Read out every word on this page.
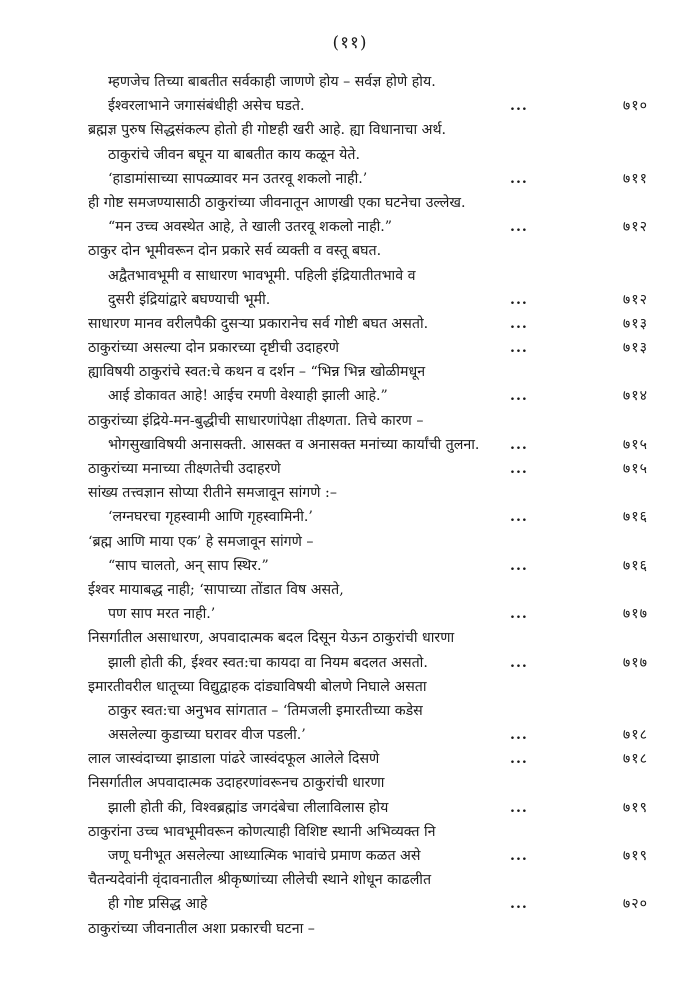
(११)
म्हणजेच तिच्या बाबतीत सर्वकाही जाणणे होय – सर्वज्ञ होणे होय.
ईश्वरलाभाने जगासंबंधीही असेच घडते.	...	७१०
ब्रह्मज्ञ पुरुष सिद्धसंकल्प होतो ही गोष्टही खरी आहे. ह्या विधानाचा अर्थ.
ठाकुरांचे जीवन बघून या बाबतीत काय कळून येते.
‘हाडामांसाच्या सापळ्यावर मन उतरवू शकलो नाही.’	...	७११
ही गोष्ट समजण्यासाठी ठाकुरांच्या जीवनातून आणखी एका घटनेचा उल्लेख.
“मन उच्च अवस्थेत आहे, ते खाली उतरवू शकलो नाही.”	...	७१२
ठाकुर दोन भूमीवरून दोन प्रकारे सर्व व्यक्ती व वस्तू बघत.
अद्वैतभावभूमी व साधारण भावभूमी. पहिली इंद्रियातीतभावे व
दुसरी इंद्रियांद्वारे बघण्याची भूमी.	...	७१२
साधारण मानव वरीलपैकी दुसऱ्या प्रकारानेच सर्व गोष्टी बघत असतो.	...	७१३
ठाकुरांच्या असल्या दोन प्रकारच्या दृष्टीची उदाहरणे	...	७१३
ह्याविषयी ठाकुरांचे स्वत:चे कथन व दर्शन – “भिन्न भिन्न खोळीमधून
आई डोकावत आहे! आईच रमणी वेश्याही झाली आहे.”	...	७१४
ठाकुरांच्या इंद्रिये-मन-बुद्धीची साधारणांपेक्षा तीक्ष्णता. तिचे कारण –
भोगसुखाविषयी अनासक्ती. आसक्त व अनासक्त मनांच्या कार्यांची तुलना. ...	७१५
ठाकुरांच्या मनाच्या तीक्ष्णतेची उदाहरणे	...	७१५
सांख्य तत्त्वज्ञान सोप्या रीतीने समजावून सांगणे :–
‘लग्नघरचा गृहस्वामी आणि गृहस्वामिनी.’	...	७१६
‘ब्रह्म आणि माया एक’ हे समजावून सांगणे –
“साप चालतो, अन् साप स्थिर.”	...	७१६
ईश्वर मायाबद्ध नाही; ‘सापाच्या तोंडात विष असते,
पण साप मरत नाही.’	...	७१७
निसर्गातील असाधारण, अपवादात्मक बदल दिसून येऊन ठाकुरांची धारणा
झाली होती की, ईश्वर स्वत:चा कायदा वा नियम बदलत असतो.	...	७१७
इमारतीवरील धातूच्या विद्युद्वाहक दांड्याविषयी बोलणे निघाले असता
ठाकुर स्वत:चा अनुभव सांगतात – ‘तिमजली इमारतीच्या कडेस
असलेल्या कुडाच्या घरावर वीज पडली.’	...	७१८
लाल जास्वंदाच्या झाडाला पांढरे जास्वंदफूल आलेले दिसणे	...	७१८
निसर्गातील अपवादात्मक उदाहरणांवरूनच ठाकुरांची धारणा
झाली होती की, विश्वब्रह्मांड जगदंबेचा लीलाविलास होय	...	७१९
ठाकुरांना उच्च भावभूमीवरून कोणत्याही विशिष्ट स्थानी अभिव्यक्त नि
जणू घनीभूत असलेल्या आध्यात्मिक भावांचे प्रमाण कळत असे	...	७१९
चैतन्यदेवांनी वृंदावनातील श्रीकृष्णांच्या लीलेची स्थाने शोधून काढलीत
ही गोष्ट प्रसिद्ध आहे	...	७२०
ठाकुरांच्या जीवनातील अशा प्रकारची घटना –
